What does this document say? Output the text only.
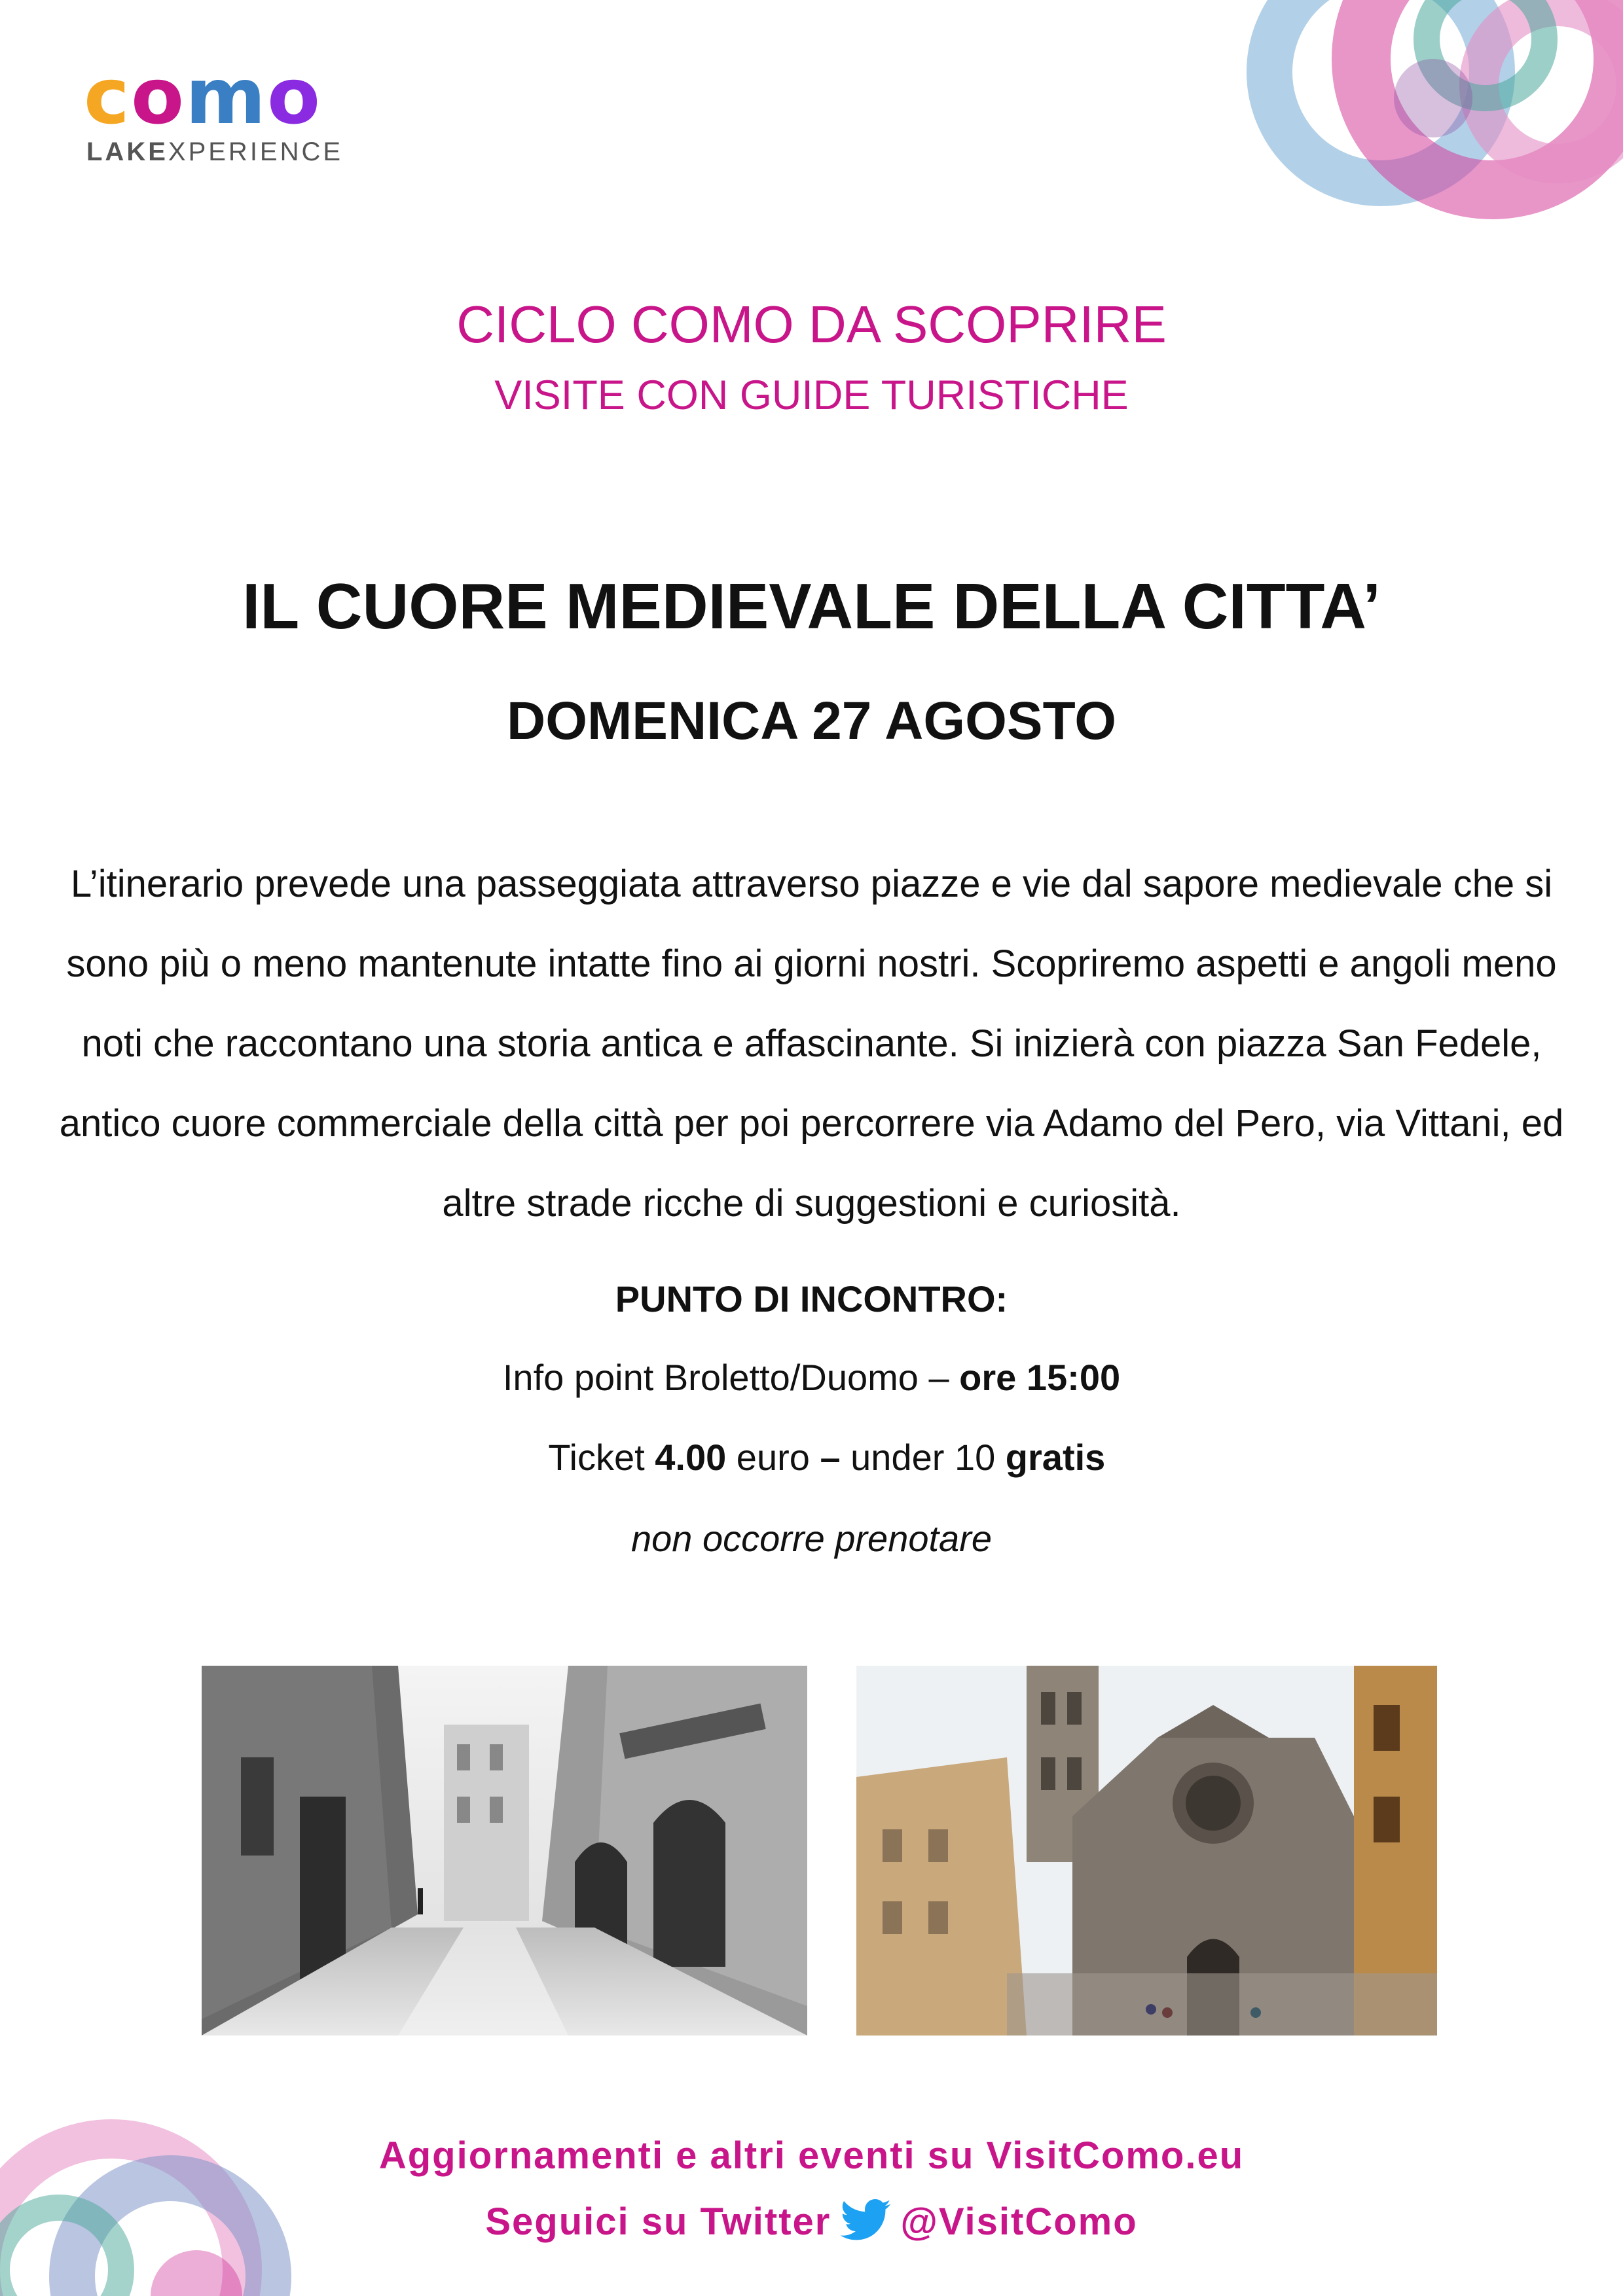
c o m o
LAKEXPERIENCE
CICLO COMO DA SCOPRIRE
VISITE CON GUIDE TURISTICHE
IL CUORE MEDIEVALE DELLA CITTA’
DOMENICA 27 AGOSTO
L’itinerario prevede una passeggiata attraverso piazze e vie dal sapore medievale che si sono più o meno mantenute intatte fino ai giorni nostri. Scopriremo aspetti e angoli meno noti che raccontano una storia antica e affascinante. Si inizierà con piazza San Fedele, antico cuore commerciale della città per poi percorrere via Adamo del Pero, via Vittani, ed altre strade ricche di suggestioni e curiosità.
PUNTO DI INCONTRO:
Info point Broletto/Duomo – ore 15:00
Ticket 4.00 euro – under 10 gratis
non occorre prenotare
Aggiornamenti e altri eventi su VisitComo.eu
Seguici su Twitter @VisitComo
